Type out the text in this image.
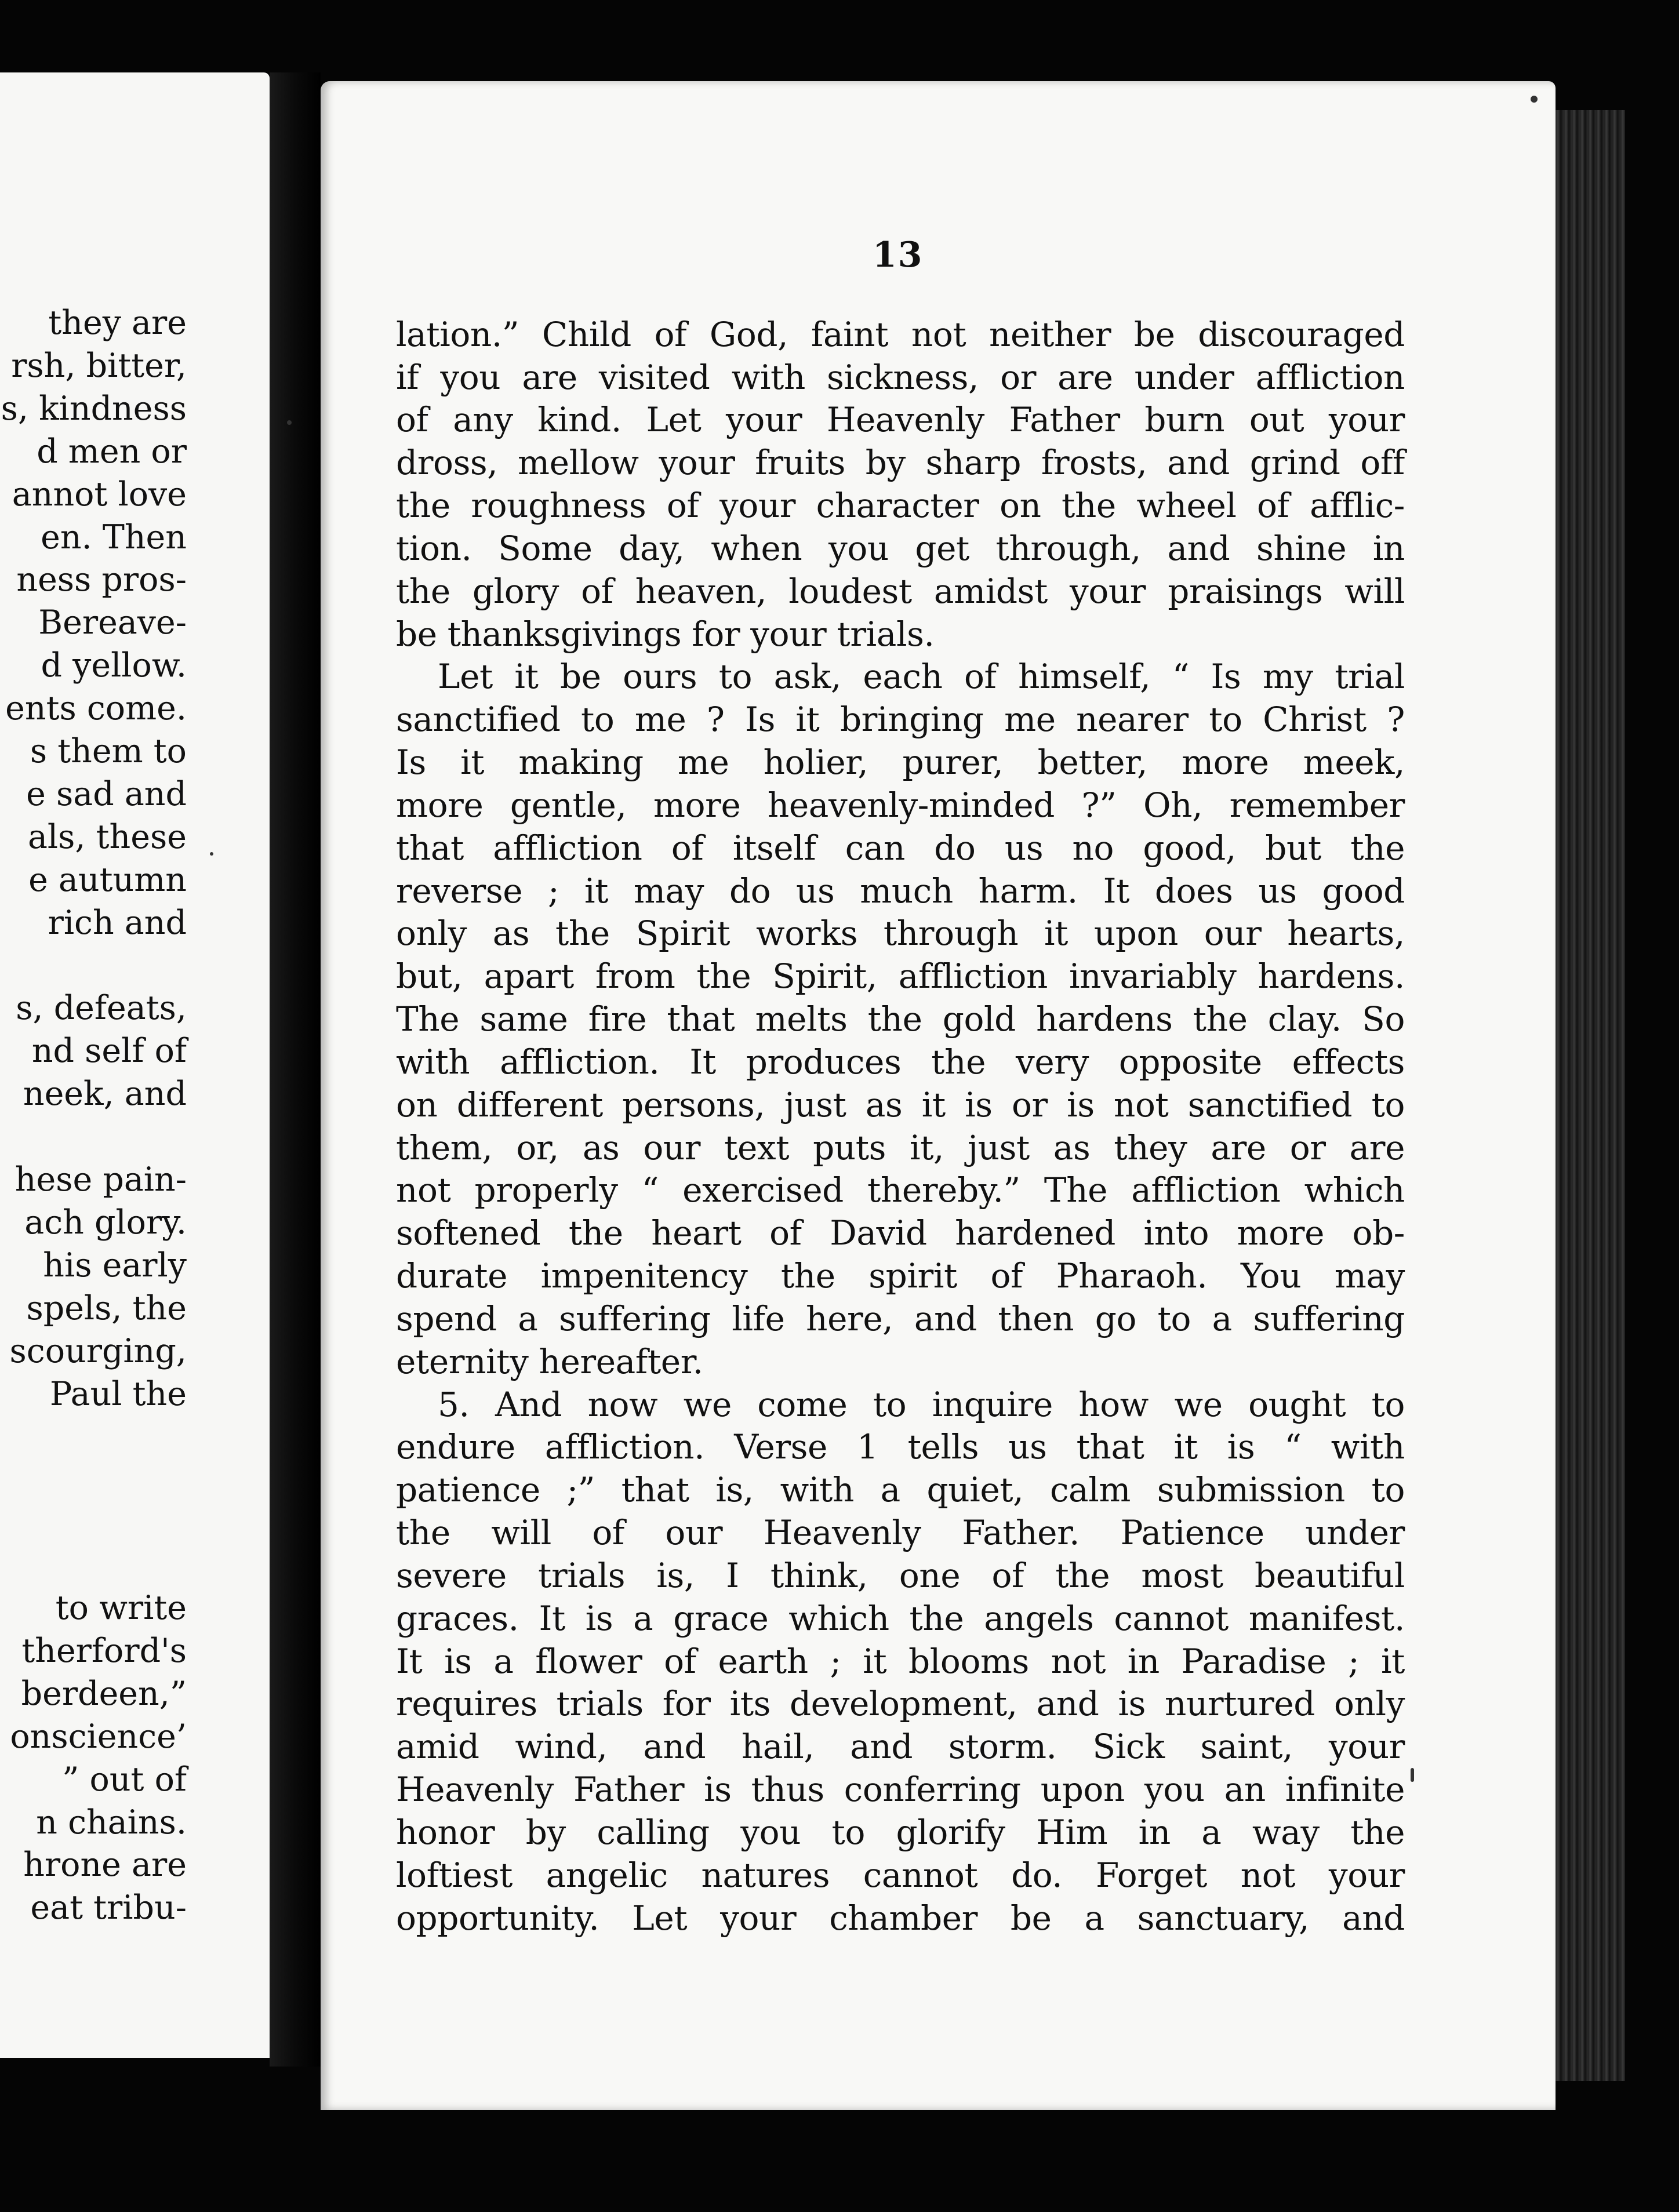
they are
rsh, bitter,
s, kindness
d men or
annot love
en. Then
ness pros-
Bereave-
d yellow.
ents come.
s them to
e sad and
als, these
e autumn
rich and
s, defeats,
nd self of
neek, and
hese pain-
ach glory.
his early
spels, the
scourging,
Paul the
to write
therford's
berdeen,”
onscience’
” out of
n chains.
hrone are
eat tribu-
13
lation.” Child of God, faint not neither be discouraged
if you are visited with sickness, or are under affliction
of any kind. Let your Heavenly Father burn out your
dross, mellow your fruits by sharp frosts, and grind off
the roughness of your character on the wheel of afflic-
tion. Some day, when you get through, and shine in
the glory of heaven, loudest amidst your praisings will
be thanksgivings for your trials.
Let it be ours to ask, each of himself, “ Is my trial
sanctified to me ? Is it bringing me nearer to Christ ?
Is it making me holier, purer, better, more meek,
more gentle, more heavenly-minded ?” Oh, remember
that affliction of itself can do us no good, but the
reverse ; it may do us much harm. It does us good
only as the Spirit works through it upon our hearts,
but, apart from the Spirit, affliction invariably hardens.
The same fire that melts the gold hardens the clay. So
with affliction. It produces the very opposite effects
on different persons, just as it is or is not sanctified to
them, or, as our text puts it, just as they are or are
not properly “ exercised thereby.” The affliction which
softened the heart of David hardened into more ob-
durate impenitency the spirit of Pharaoh. You may
spend a suffering life here, and then go to a suffering
eternity hereafter.
5. And now we come to inquire how we ought to
endure affliction. Verse 1 tells us that it is “ with
patience ;” that is, with a quiet, calm submission to
the will of our Heavenly Father. Patience under
severe trials is, I think, one of the most beautiful
graces. It is a grace which the angels cannot manifest.
It is a flower of earth ; it blooms not in Paradise ; it
requires trials for its development, and is nurtured only
amid wind, and hail, and storm. Sick saint, your
Heavenly Father is thus conferring upon you an infinite
honor by calling you to glorify Him in a way the
loftiest angelic natures cannot do. Forget not your
opportunity. Let your chamber be a sanctuary, and
